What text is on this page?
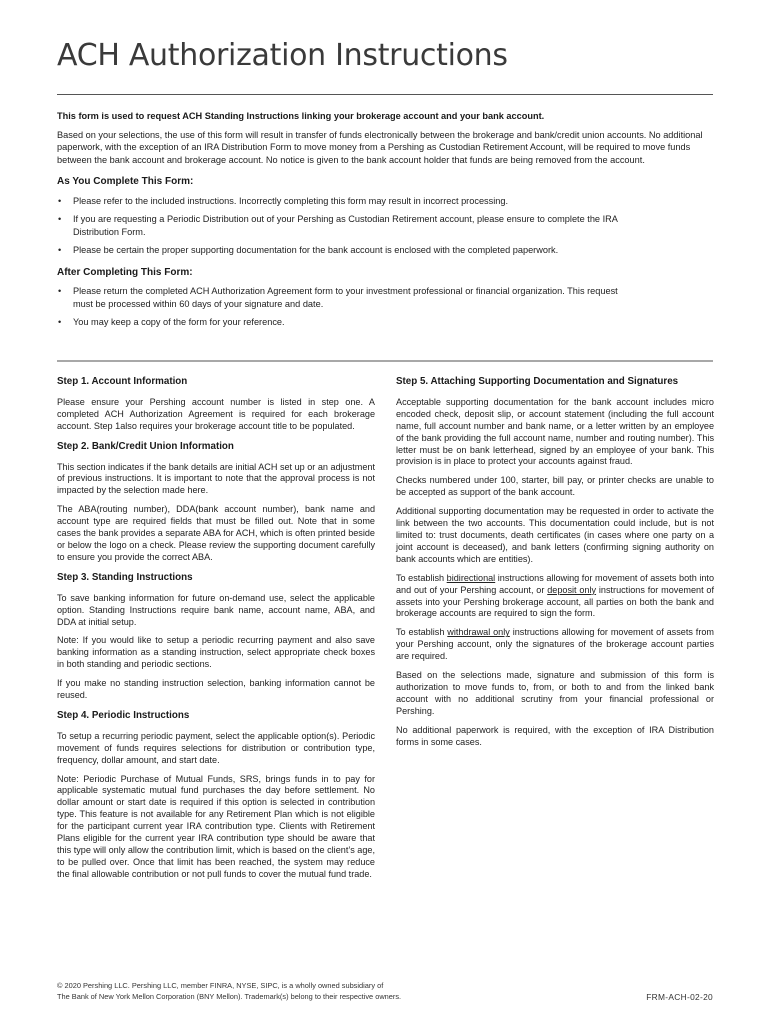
ACH Authorization Instructions

This form is used to request ACH Standing Instructions linking your brokerage account and your bank account.

Based on your selections, the use of this form will result in transfer of funds electronically between the brokerage and bank/credit union accounts. No additional paperwork, with the exception of an IRA Distribution Form to move money from a Pershing as Custodian Retirement Account, will be required to move funds between the bank account and brokerage account. No notice is given to the bank account holder that funds are being removed from the account.

As You Complete This Form:
• Please refer to the included instructions. Incorrectly completing this form may result in incorrect processing.
• If you are requesting a Periodic Distribution out of your Pershing as Custodian Retirement account, please ensure to complete the IRA Distribution Form.
• Please be certain the proper supporting documentation for the bank account is enclosed with the completed paperwork.
After Completing This Form:
• Please return the completed ACH Authorization Agreement form to your investment professional or financial organization. This request must be processed within 60 days of your signature and date.
• You may keep a copy of the form for your reference.
Step 1. Account Information

Please ensure your Pershing account number is listed in step one. A completed ACH Authorization Agreement is required for each brokerage account. Step 1also requires your brokerage account title to be populated.

Step 2. Bank/Credit Union Information

This section indicates if the bank details are initial ACH set up or an adjustment of previous instructions. It is important to note that the approval process is not impacted by the selection made here.

The ABA(routing number), DDA(bank account number), bank name and account type are required fields that must be filled out. Note that in some cases the bank provides a separate ABA for ACH, which is often printed beside or below the logo on a check. Please review the supporting document carefully to ensure you provide the correct ABA.

Step 3. Standing Instructions

To save banking information for future on-demand use, select the applicable option. Standing Instructions require bank name, account name, ABA, and DDA at initial setup.

Note: If you would like to setup a periodic recurring payment and also save banking information as a standing instruction, select appropriate check boxes in both standing and periodic sections.

If you make no standing instruction selection, banking information cannot be reused.

Step 4. Periodic Instructions

To setup a recurring periodic payment, select the applicable option(s). Periodic movement of funds requires selections for distribution or contribution type, frequency, dollar amount, and start date.

Note: Periodic Purchase of Mutual Funds, SRS, brings funds in to pay for applicable systematic mutual fund purchases the day before settlement. No dollar amount or start date is required if this option is selected in contribution type. This feature is not available for any Retirement Plan which is not eligible for the participant current year IRA contribution type. Clients with Retirement Plans eligible for the current year IRA contribution type should be aware that this type will only allow the contribution limit, which is based on the client’s age, to be pulled over. Once that limit has been reached, the system may reduce the final allowable contribution or not pull funds to cover the mutual fund trade.

Step 5. Attaching Supporting Documentation and Signatures

Acceptable supporting documentation for the bank account includes micro encoded check, deposit slip, or account statement (including the full account name, full account number and bank name, or a letter written by an employee of the bank providing the full account name, number and routing number). This letter must be on bank letterhead, signed by an employee of your bank. This provision is in place to protect your accounts against fraud.

Checks numbered under 100, starter, bill pay, or printer checks are unable to be accepted as support of the bank account.

Additional supporting documentation may be requested in order to activate the link between the two accounts. This documentation could include, but is not limited to: trust documents, death certificates (in cases where one party on a joint account is deceased), and bank letters (confirming signing authority on bank accounts which are entities).

To establish bidirectional instructions allowing for movement of assets both into and out of your Pershing account, or deposit only instructions for movement of assets into your Pershing brokerage account, all parties on both the bank and brokerage accounts are required to sign the form.

To establish withdrawal only instructions allowing for movement of assets from your Pershing account, only the signatures of the brokerage account parties are required.

Based on the selections made, signature and submission of this form is authorization to move funds to, from, or both to and from the linked bank account with no additional scrutiny from your financial professional or Pershing.

No additional paperwork is required, with the exception of IRA Distribution forms in some cases.

© 2020 Pershing LLC. Pershing LLC, member FINRA, NYSE, SIPC, is a wholly owned subsidiary of
The Bank of New York Mellon Corporation (BNY Mellon). Trademark(s) belong to their respective owners.	FRM-ACH-02-20
